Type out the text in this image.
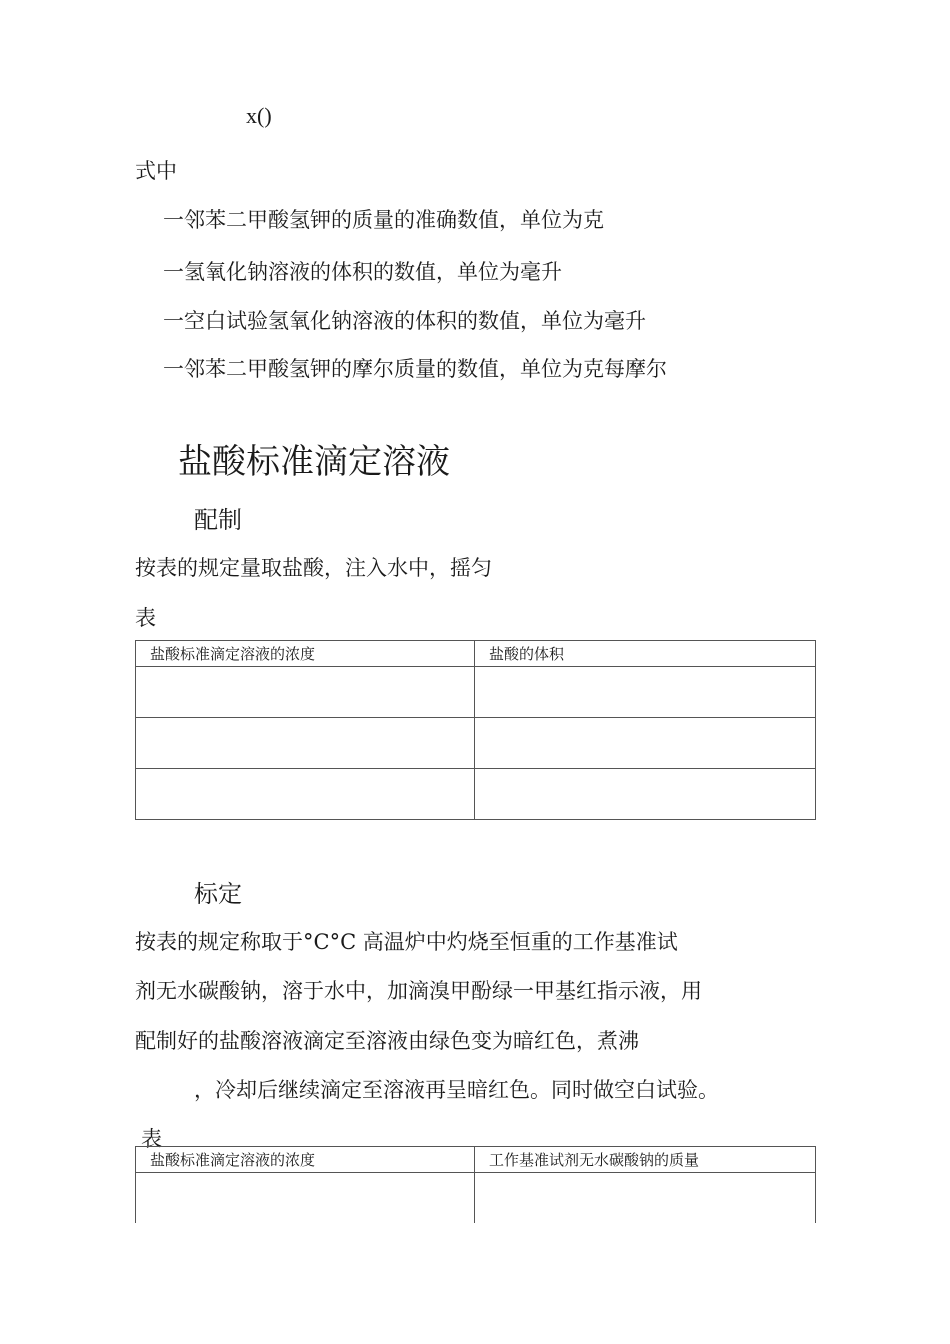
x()
式中
一邻苯二甲酸氢钾的质量的准确数值，单位为克
一氢氧化钠溶液的体积的数值，单位为毫升
一空白试验氢氧化钠溶液的体积的数值，单位为毫升
一邻苯二甲酸氢钾的摩尔质量的数值，单位为克每摩尔
盐酸标准滴定溶液
配制
按表的规定量取盐酸，注入水中，摇匀
表
盐酸标准滴定溶液的浓度	盐酸的体积

标定
按表的规定称取于°C°C 高温炉中灼烧至恒重的工作基准试
剂无水碳酸钠，溶于水中，加滴溴甲酚绿一甲基红指示液，用
配制好的盐酸溶液滴定至溶液由绿色变为暗红色，煮沸
，冷却后继续滴定至溶液再呈暗红色。同时做空白试验。
表
盐酸标准滴定溶液的浓度	工作基准试剂无水碳酸钠的质量
